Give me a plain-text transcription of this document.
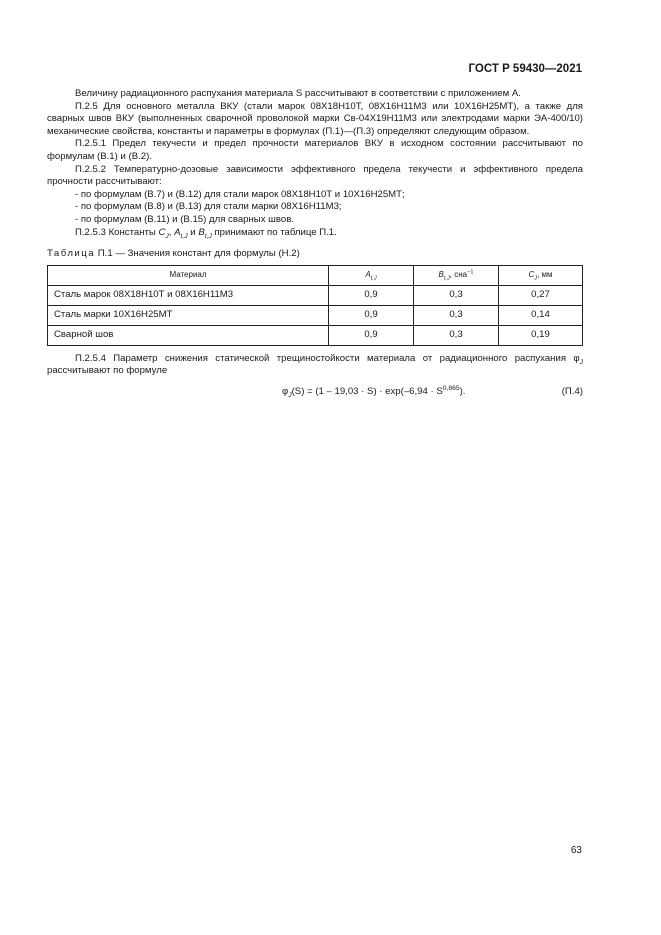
ГОСТ Р 59430—2021

Величину радиационного распухания материала S рассчитывают в соответствии с приложением А.

П.2.5 Для основного металла ВКУ (стали марок 08Х18Н10Т, 08Х16Н11М3 или 10Х16Н25МТ), а также для сварных швов ВКУ (выполненных сварочной проволокой марки Св-04Х19Н11М3 или электродами марки ЭА-400/10) механические свойства, константы и параметры в формулах (П.1)—(П.3) определяют следующим образом.

П.2.5.1 Предел текучести и предел прочности материалов ВКУ в исходном состоянии рассчитывают по формулам (В.1) и (В.2).

П.2.5.2 Температурно-дозовые зависимости эффективного предела текучести и эффективного предела прочности рассчитывают:

- по формулам (В.7) и (В.12) для стали марок 08Х18Н10Т и 10Х16Н25МТ;

- по формулам (В.8) и (В.13) для стали марки 08Х16Н11М3;

- по формулам (В.11) и (В.15) для сварных швов.

П.2.5.3 Константы $C_J$, $A_{t,J}$ и $B_{t,J}$ принимают по таблице П.1.

Таблица П.1 — Значения констант для формулы (Н.2)

Материал	$A_{t,J}$	$B_{t,J}$, сна$^{-1}$	$C_J$, мм
Сталь марок 08Х18Н10Т и 08Х16Н11М3	0,9	0,3	0,27
Сталь марки 10Х16Н25МТ	0,9	0,3	0,14
Сварной шов	0,9	0,3	0,19

П.2.5.4 Параметр снижения статической трещиностойкости материала от радиационного распухания $\varphi_J$ рассчитывают по формуле

$\varphi_J(S) = (1 - 19,03 \cdot S) \cdot \exp(-6,94 \cdot S^{0,865})$.	(П.4)
63
